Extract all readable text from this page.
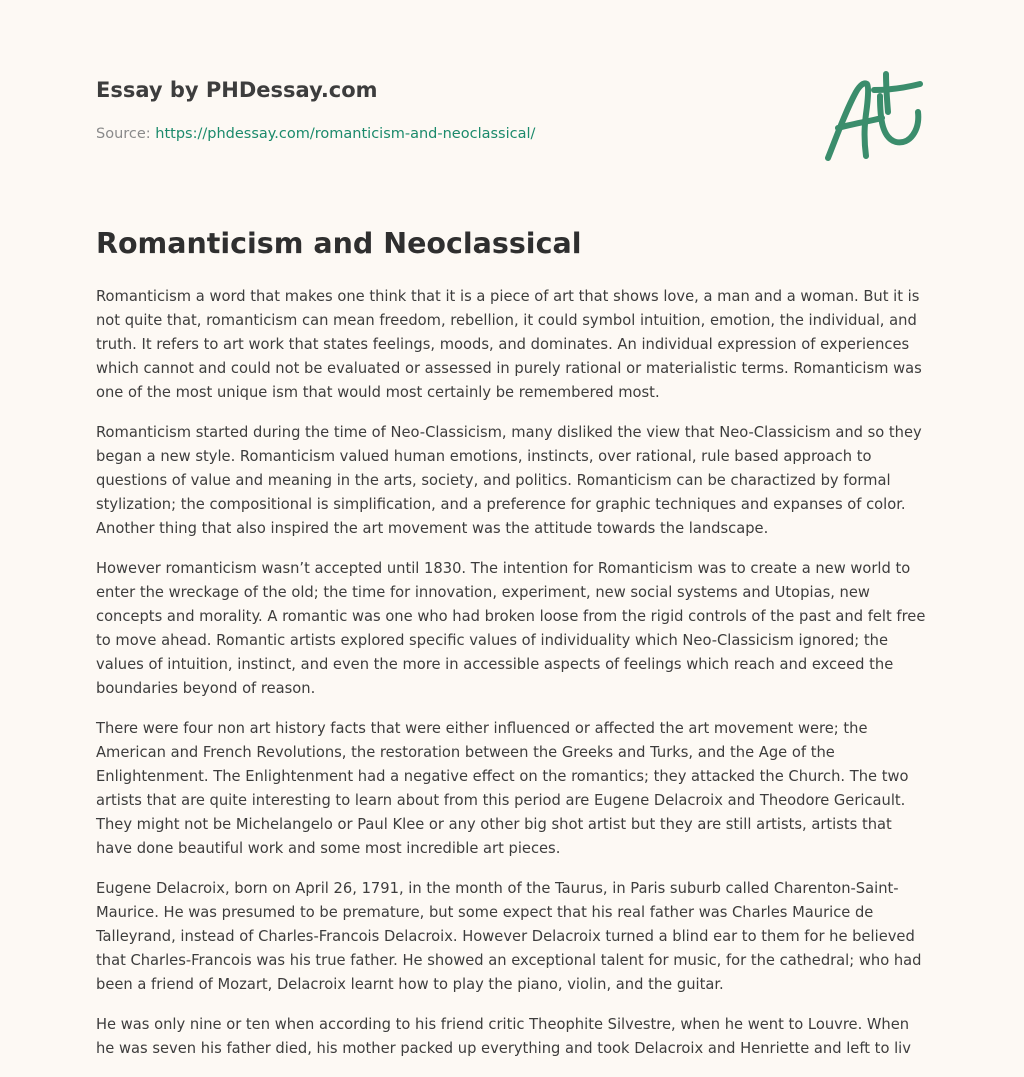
Essay by PHDessay.com
Source: https://phdessay.com/romanticism-and-neoclassical/
Romanticism and Neoclassical

Romanticism a word that makes one think that it is a piece of art that shows love, a man and a woman. But it is not quite that, romanticism can mean freedom, rebellion, it could symbol intuition, emotion, the individual, and truth. It refers to art work that states feelings, moods, and dominates. An individual expression of experiences which cannot and could not be evaluated or assessed in purely rational or materialistic terms. Romanticism was one of the most unique ism that would most certainly be remembered most.

Romanticism started during the time of Neo-Classicism, many disliked the view that Neo-Classicism and so they began a new style. Romanticism valued human emotions, instincts, over rational, rule based approach to questions of value and meaning in the arts, society, and politics. Romanticism can be charactized by formal stylization; the compositional is simplification, and a preference for graphic techniques and expanses of color. Another thing that also inspired the art movement was the attitude towards the landscape.

However romanticism wasn’t accepted until 1830. The intention for Romanticism was to create a new world to enter the wreckage of the old; the time for innovation, experiment, new social systems and Utopias, new concepts and morality. A romantic was one who had broken loose from the rigid controls of the past and felt free to move ahead. Romantic artists explored specific values of individuality which Neo-Classicism ignored; the values of intuition, instinct, and even the more in accessible aspects of feelings which reach and exceed the boundaries beyond of reason.

There were four non art history facts that were either influenced or affected the art movement were; the American and French Revolutions, the restoration between the Greeks and Turks, and the Age of the Enlightenment. The Enlightenment had a negative effect on the romantics; they attacked the Church. The two artists that are quite interesting to learn about from this period are Eugene Delacroix and Theodore Gericault. They might not be Michelangelo or Paul Klee or any other big shot artist but they are still artists, artists that have done beautiful work and some most incredible art pieces.

Eugene Delacroix, born on April 26, 1791, in the month of the Taurus, in Paris suburb called Charenton-Saint-Maurice. He was presumed to be premature, but some expect that his real father was Charles Maurice de Talleyrand, instead of Charles-Francois Delacroix. However Delacroix turned a blind ear to them for he believed that Charles-Francois was his true father. He showed an exceptional talent for music, for the cathedral; who had been a friend of Mozart, Delacroix learnt how to play the piano, violin, and the guitar.

He was only nine or ten when according to his friend critic Theophite Silvestre, when he went to Louvre. When he was seven his father died, his mother packed up everything and took Delacroix and Henriette and left to liv
